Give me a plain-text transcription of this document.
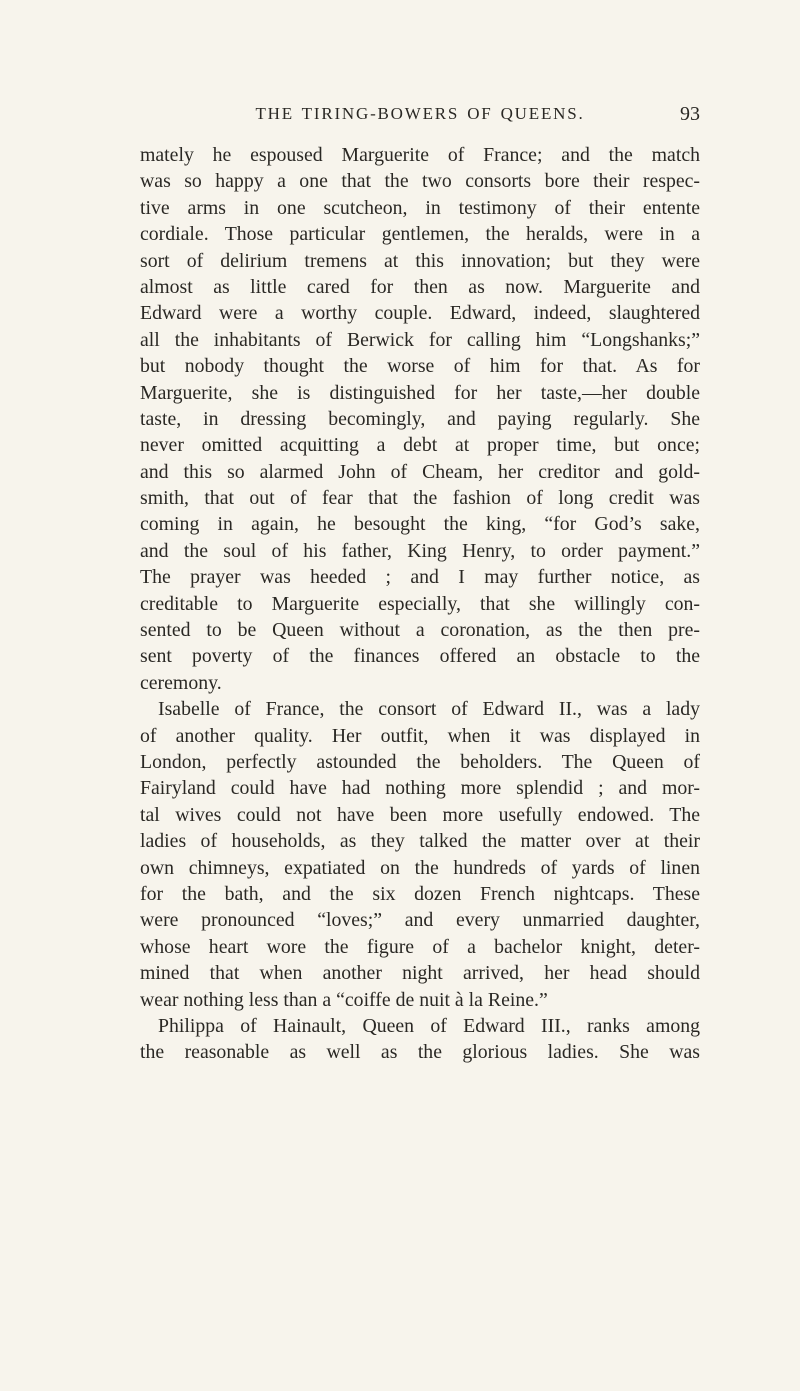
THE TIRING-BOWERS OF QUEENS.	93
mately he espoused Marguerite of France; and the match
was so happy a one that the two consorts bore their respec-
tive arms in one scutcheon, in testimony of their entente
cordiale. Those particular gentlemen, the heralds, were in a
sort of delirium tremens at this innovation; but they were
almost as little cared for then as now. Marguerite and
Edward were a worthy couple. Edward, indeed, slaughtered
all the inhabitants of Berwick for calling him “Longshanks;”
but nobody thought the worse of him for that. As for
Marguerite, she is distinguished for her taste,—her double
taste, in dressing becomingly, and paying regularly. She
never omitted acquitting a debt at proper time, but once;
and this so alarmed John of Cheam, her creditor and gold-
smith, that out of fear that the fashion of long credit was
coming in again, he besought the king, “for God’s sake,
and the soul of his father, King Henry, to order payment.”
The prayer was heeded ; and I may further notice, as
creditable to Marguerite especially, that she willingly con-
sented to be Queen without a coronation, as the then pre-
sent poverty of the finances offered an obstacle to the
ceremony.
Isabelle of France, the consort of Edward II., was a lady
of another quality. Her outfit, when it was displayed in
London, perfectly astounded the beholders. The Queen of
Fairyland could have had nothing more splendid ; and mor-
tal wives could not have been more usefully endowed. The
ladies of households, as they talked the matter over at their
own chimneys, expatiated on the hundreds of yards of linen
for the bath, and the six dozen French nightcaps. These
were pronounced “loves;” and every unmarried daughter,
whose heart wore the figure of a bachelor knight, deter-
mined that when another night arrived, her head should
wear nothing less than a “coiffe de nuit à la Reine.”
Philippa of Hainault, Queen of Edward III., ranks among
the reasonable as well as the glorious ladies. She was
